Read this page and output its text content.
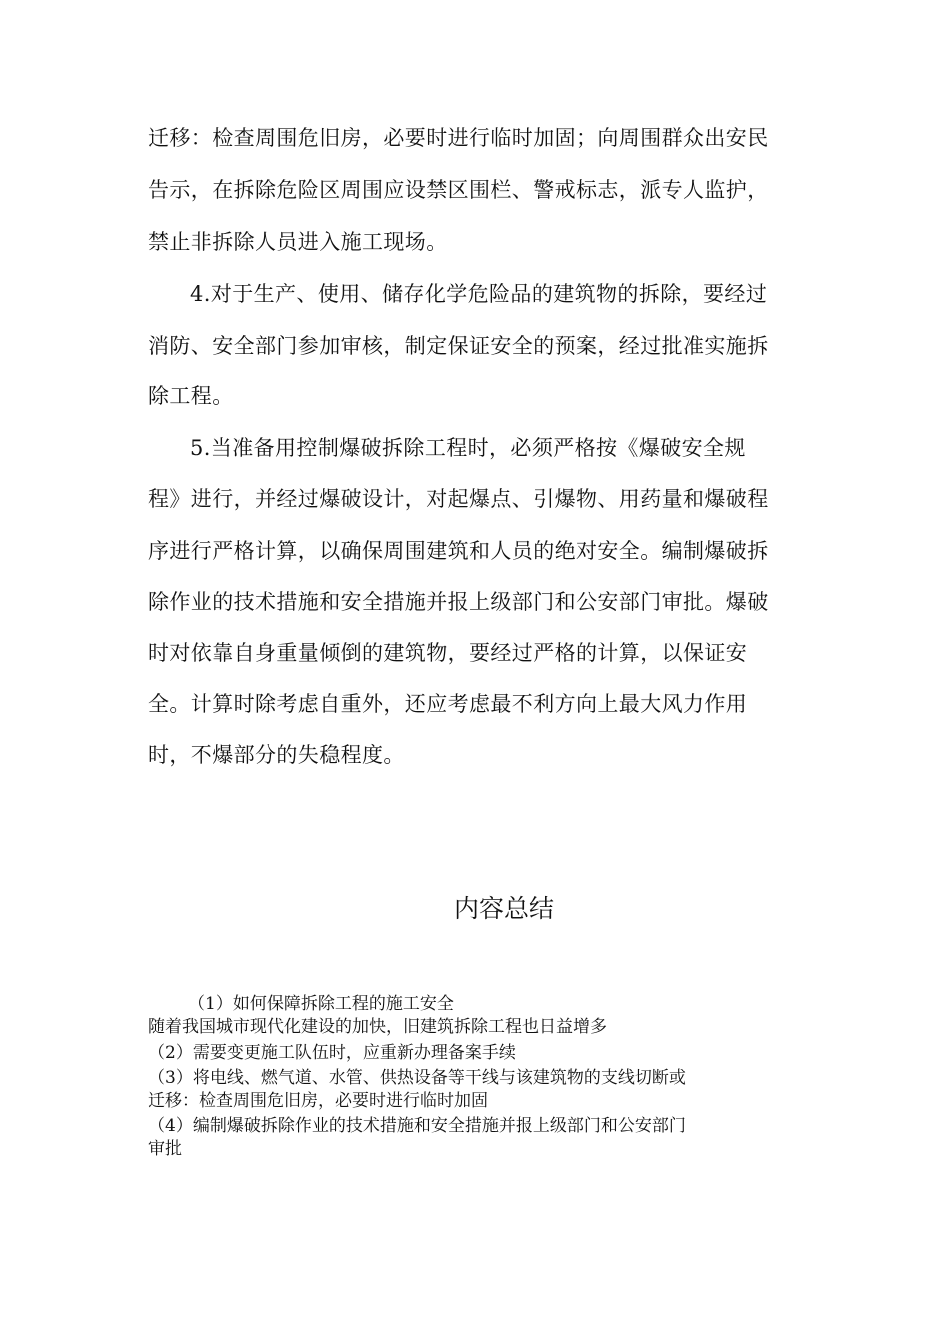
迁移：检查周围危旧房，必要时进行临时加固；向周围群众出安民
告示，在拆除危险区周围应设禁区围栏、警戒标志，派专人监护，
禁止非拆除人员进入施工现场。
4.对于生产、使用、储存化学危险品的建筑物的拆除，要经过
消防、安全部门参加审核，制定保证安全的预案，经过批准实施拆
除工程。
5.当准备用控制爆破拆除工程时，必须严格按《爆破安全规
程》进行，并经过爆破设计，对起爆点、引爆物、用药量和爆破程
序进行严格计算，以确保周围建筑和人员的绝对安全。编制爆破拆
除作业的技术措施和安全措施并报上级部门和公安部门审批。爆破
时对依靠自身重量倾倒的建筑物，要经过严格的计算，以保证安
全。计算时除考虑自重外，还应考虑最不利方向上最大风力作用
时，不爆部分的失稳程度。
内容总结
（1）如何保障拆除工程的施工安全
随着我国城市现代化建设的加快，旧建筑拆除工程也日益增多
（2）需要变更施工队伍时，应重新办理备案手续
（3）将电线、燃气道、水管、供热设备等干线与该建筑物的支线切断或
迁移：检查周围危旧房，必要时进行临时加固
（4）编制爆破拆除作业的技术措施和安全措施并报上级部门和公安部门
审批
